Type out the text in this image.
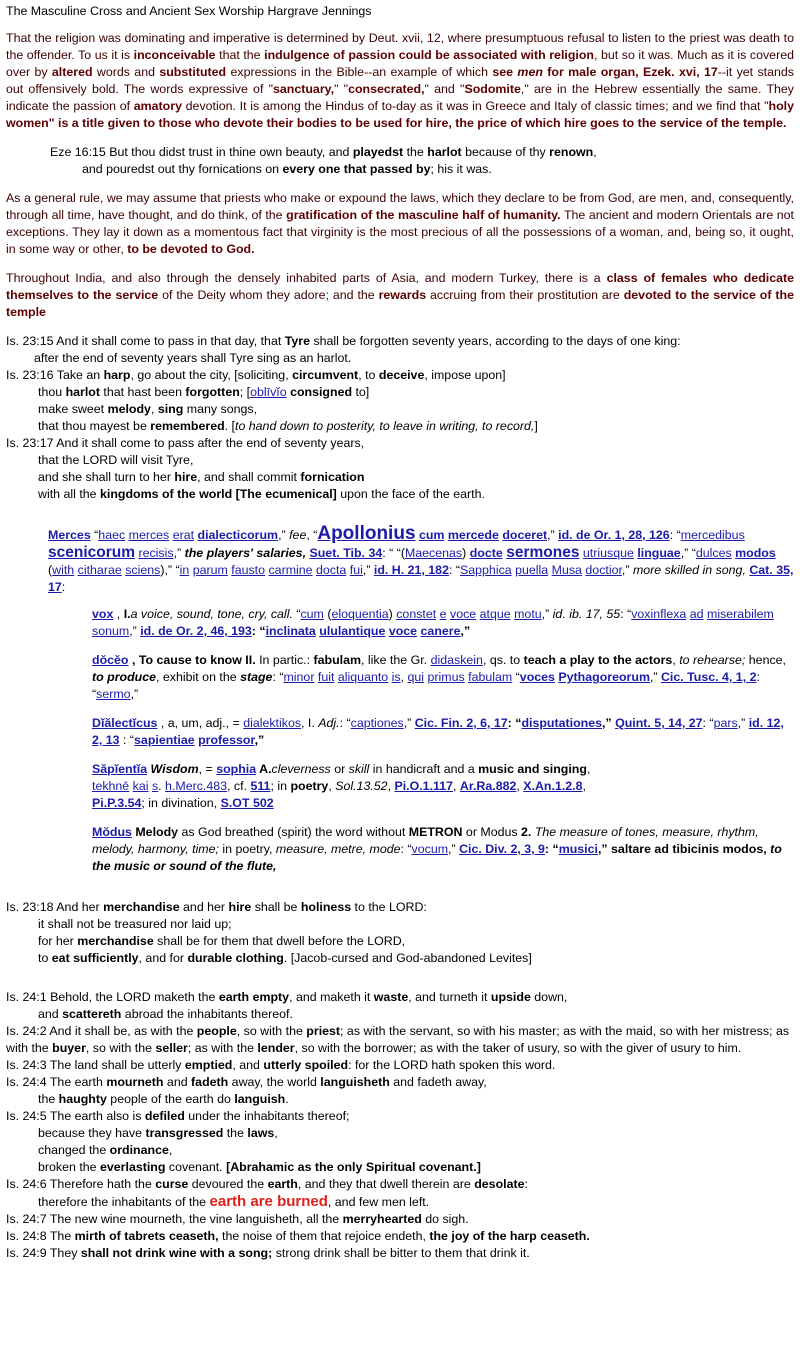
The Masculine Cross and Ancient Sex Worship Hargrave Jennings

That the religion was dominating and imperative is determined by Deut. xvii, 12, where presumptuous refusal to listen to the priest was death to the offender. To us it is inconceivable that the indulgence of passion could be associated with religion, but so it was. Much as it is covered over by altered words and substituted expressions in the Bible--an example of which see men for male organ, Ezek. xvi, 17--it yet stands out offensively bold. The words expressive of "sanctuary," "consecrated," and "Sodomite," are in the Hebrew essentially the same. They indicate the passion of amatory devotion. It is among the Hindus of to-day as it was in Greece and Italy of classic times; and we find that "holy women" is a title given to those who devote their bodies to be used for hire, the price of which hire goes to the service of the temple.

Eze 16:15 But thou didst trust in thine own beauty, and playedst the harlot because of thy renown,
and pouredst out thy fornications on every one that passed by; his it was.

As a general rule, we may assume that priests who make or expound the laws, which they declare to be from God, are men, and, consequently, through all time, have thought, and do think, of the gratification of the masculine half of humanity. The ancient and modern Orientals are not exceptions. They lay it down as a momentous fact that virginity is the most precious of all the possessions of a woman, and, being so, it ought, in some way or other, to be devoted to God.

Throughout India, and also through the densely inhabited parts of Asia, and modern Turkey, there is a class of females who dedicate themselves to the service of the Deity whom they adore; and the rewards accruing from their prostitution are devoted to the service of the temple

Is. 23:15 And it shall come to pass in that day, that Tyre shall be forgotten seventy years, according to the days of one king:
after the end of seventy years shall Tyre sing as an harlot.
Is. 23:16 Take an harp, go about the city, [soliciting, circumvent, to deceive, impose upon]
thou harlot that hast been forgotten; [oblīvĭo consigned to]
make sweet melody, sing many songs,
that thou mayest be remembered. [to hand down to posterity, to leave in writing, to record,]
Is. 23:17 And it shall come to pass after the end of seventy years,
that the LORD will visit Tyre,
and she shall turn to her hire, and shall commit fornication
with all the kingdoms of the world [The ecumenical] upon the face of the earth.
Merces “haec merces erat dialecticorum,” fee, “Apollonius cum mercede doceret,” id. de Or. 1, 28, 126: “mercedibus scenicorum recisis,” the players' salaries, Suet. Tib. 34: “ “(Maecenas) docte sermones utriusque linguae,” “dulces modos (with citharae sciens),” “in parum fausto carmine docta fui,” id. H. 21, 182: “Sapphica puella Musa doctior,” more skilled in song, Cat. 35, 17:
vox , I.a voice, sound, tone, cry, call. “cum (eloquentia) constet e voce atque motu,” id. ib. 17, 55: “voxinflexa ad miserabilem sonum,” id. de Or. 2, 46, 193: “inclinata ululantique voce canere,”
dŏcĕo , To cause to know II. In partic.: fabulam, like the Gr. didaskein, qs. to teach a play to the actors, to rehearse; hence, to produce, exhibit on the stage: “minor fuit aliquanto is, qui primus fabulam “voces Pythagoreorum,” Cic. Tusc. 4, 1, 2: “sermo,”
Dĭălectĭcus , a, um, adj., = dialektikos, I. Adj.: “captiones,” Cic. Fin. 2, 6, 17: “disputationes,” Quint. 5, 14, 27: “pars,” id. 12, 2, 13 : “sapientiae professor,”
Săpĭentĭa Wisdom, = sophia A.cleverness or skill in handicraft and a music and singing,
tekhnē kai s. h.Merc.483, cf. 511; in poetry, Sol.13.52, Pi.O.1.117, Ar.Ra.882, X.An.1.2.8,
Pi.P.3.54; in divination, S.OT 502
Mŏdus Melody as God breathed (spirit) the word without METRON or Modus 2. The measure of tones, measure, rhythm, melody, harmony, time; in poetry, measure, metre, mode: “vocum,” Cic. Div. 2, 3, 9: “musici,” saltare ad tibicinis modos, to the music or sound of the flute,
Is. 23:18 And her merchandise and her hire shall be holiness to the LORD:
it shall not be treasured nor laid up;
for her merchandise shall be for them that dwell before the LORD,
to eat sufficiently, and for durable clothing. [Jacob-cursed and God-abandoned Levites]
Is. 24:1 Behold, the LORD maketh the earth empty, and maketh it waste, and turneth it upside down,
and scattereth abroad the inhabitants thereof.
Is. 24:2 And it shall be, as with the people, so with the priest; as with the servant, so with his master; as with the maid, so with her mistress; as with the buyer, so with the seller; as with the lender, so with the borrower; as with the taker of usury, so with the giver of usury to him.
Is. 24:3 The land shall be utterly emptied, and utterly spoiled: for the LORD hath spoken this word.
Is. 24:4 The earth mourneth and fadeth away, the world languisheth and fadeth away,
the haughty people of the earth do languish.
Is. 24:5 The earth also is defiled under the inhabitants thereof;
because they have transgressed the laws,
changed the ordinance,
broken the everlasting covenant. [Abrahamic as the only Spiritual covenant.]
Is. 24:6 Therefore hath the curse devoured the earth, and they that dwell therein are desolate:
therefore the inhabitants of the earth are burned, and few men left.
Is. 24:7 The new wine mourneth, the vine languisheth, all the merryhearted do sigh.
Is. 24:8 The mirth of tabrets ceaseth, the noise of them that rejoice endeth, the joy of the harp ceaseth.
Is. 24:9 They shall not drink wine with a song; strong drink shall be bitter to them that drink it.
